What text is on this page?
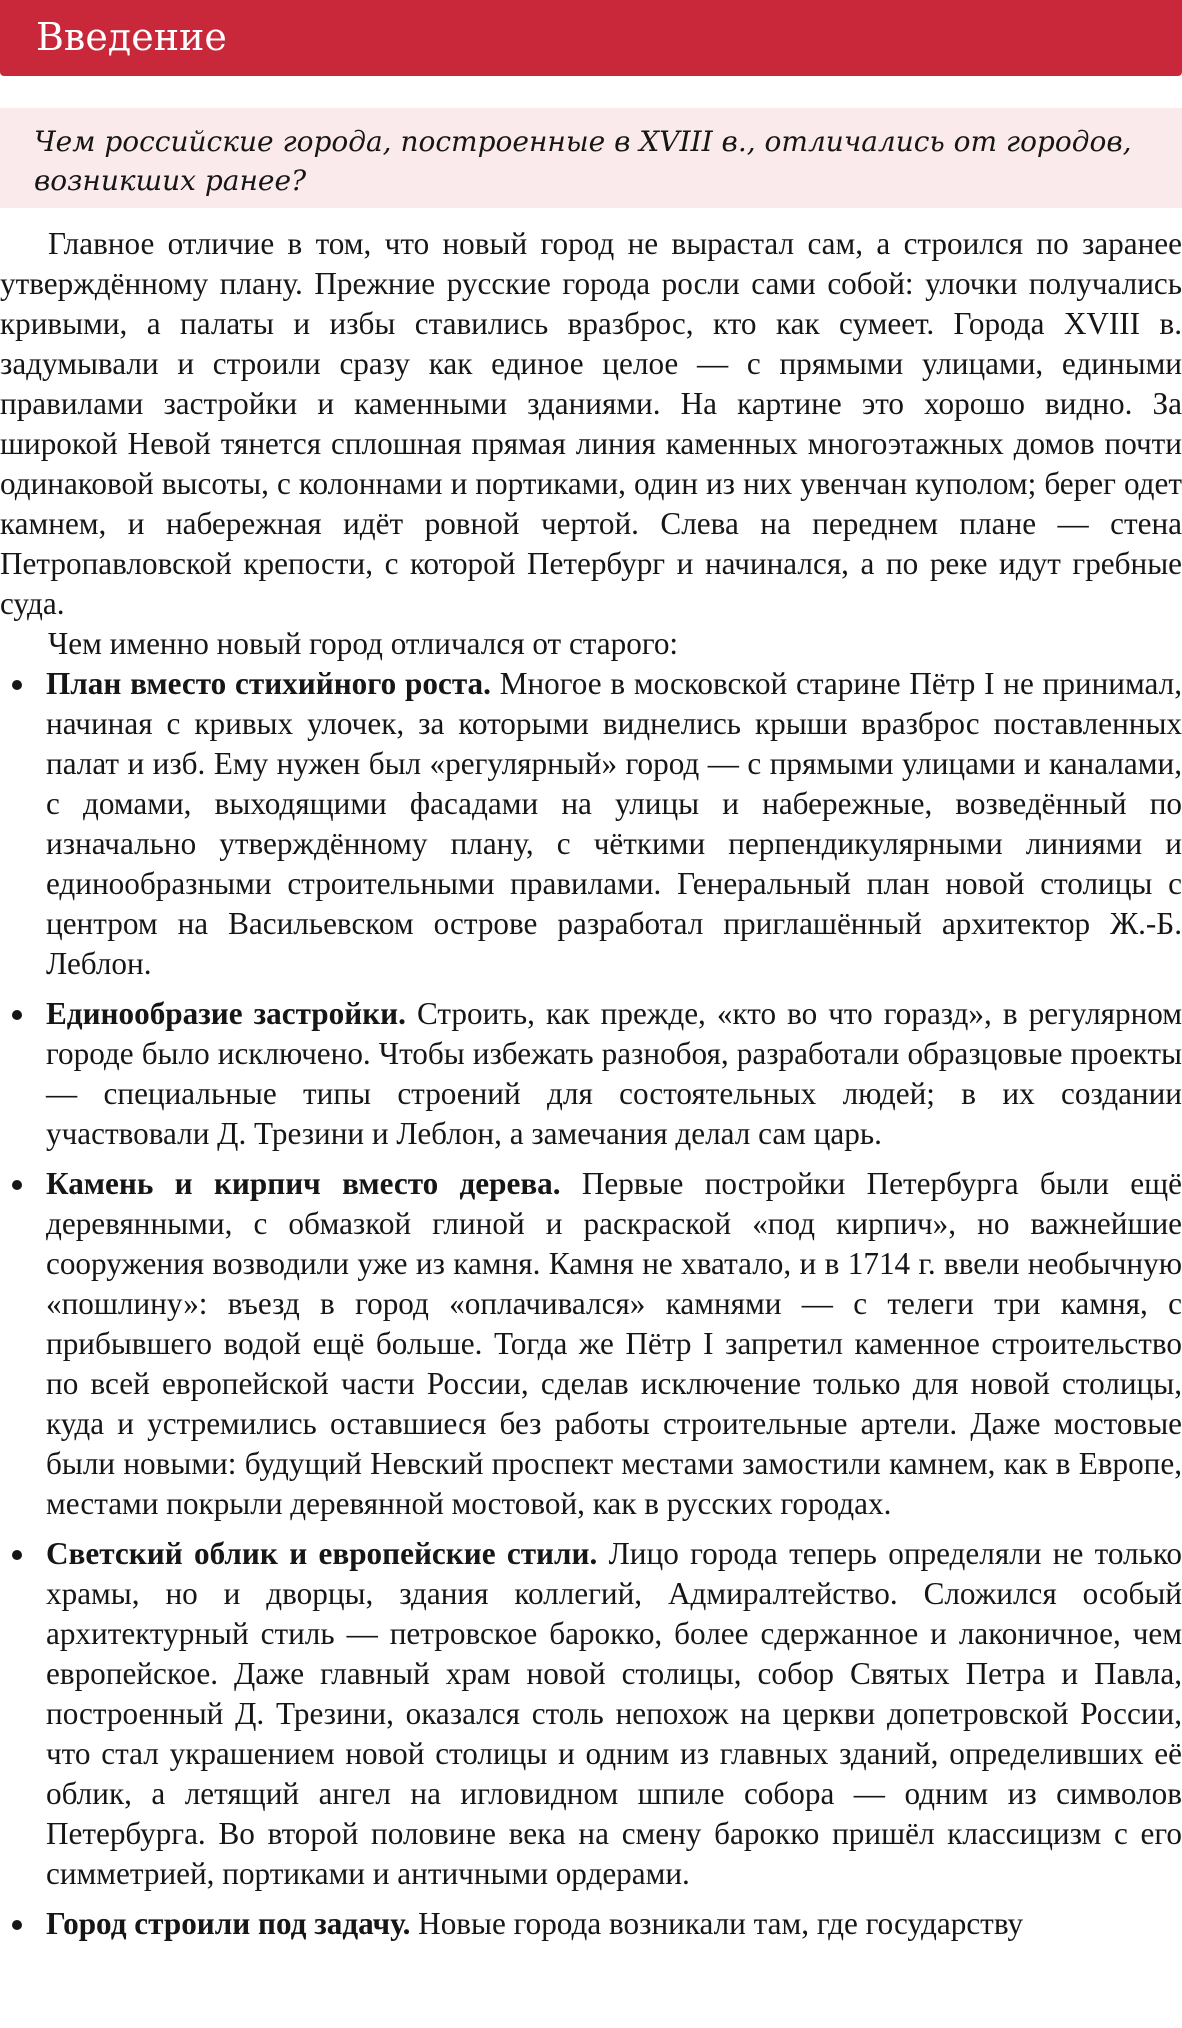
Введение

Чем российские города, построенные в XVIII в., отличались от городов, возникших ранее?

Главное отличие в том, что новый город не вырастал сам, а строился по заранее утверждённому плану. Прежние русские города росли сами собой: улочки получались кривыми, а палаты и избы ставились вразброс, кто как сумеет. Города XVIII в. задумывали и строили сразу как единое целое — с прямыми улицами, едиными правилами застройки и каменными зданиями. На картине это хорошо видно. За широкой Невой тянется сплошная прямая линия каменных многоэтажных домов почти одинаковой высоты, с колоннами и портиками, один из них увенчан куполом; берег одет камнем, и набережная идёт ровной чертой. Слева на переднем плане — стена Петропавловской крепости, с которой Петербург и начинался, а по реке идут гребные суда.

Чем именно новый город отличался от старого:

План вместо стихийного роста. Многое в московской старине Пётр I не принимал, начиная с кривых улочек, за которыми виднелись крыши вразброс поставленных палат и изб. Ему нужен был «регулярный» город — с прямыми улицами и каналами, с домами, выходящими фасадами на улицы и набережные, возведённый по изначально утверждённому плану, с чёткими перпендикулярными линиями и единообразными строительными правилами. Генеральный план новой столицы с центром на Васильевском острове разработал приглашённый архитектор Ж.-Б. Леблон.
Единообразие застройки. Строить, как прежде, «кто во что горазд», в регулярном городе было исключено. Чтобы избежать разнобоя, разработали образцовые проекты — специальные типы строений для состоятельных людей; в их создании участвовали Д. Трезини и Леблон, а замечания делал сам царь.
Камень и кирпич вместо дерева. Первые постройки Петербурга были ещё деревянными, с обмазкой глиной и раскраской «под кирпич», но важнейшие сооружения возводили уже из камня. Камня не хватало, и в 1714 г. ввели необычную «пошлину»: въезд в город «оплачивался» камнями — с телеги три камня, с прибывшего водой ещё больше. Тогда же Пётр I запретил каменное строительство по всей европейской части России, сделав исключение только для новой столицы, куда и устремились оставшиеся без работы строительные артели. Даже мостовые были новыми: будущий Невский проспект местами замостили камнем, как в Европе, местами покрыли деревянной мостовой, как в русских городах.
Светский облик и европейские стили. Лицо города теперь определяли не только храмы, но и дворцы, здания коллегий, Адмиралтейство. Сложился особый архитектурный стиль — петровское барокко, более сдержанное и лаконичное, чем европейское. Даже главный храм новой столицы, собор Святых Петра и Павла, построенный Д. Трезини, оказался столь непохож на церкви допетровской России, что стал украшением новой столицы и одним из главных зданий, определивших её облик, а летящий ангел на игловидном шпиле собора — одним из символов Петербурга. Во второй половине века на смену барокко пришёл классицизм с его симметрией, портиками и античными ордерами.
Город строили под задачу. Новые города возникали там, где государству
